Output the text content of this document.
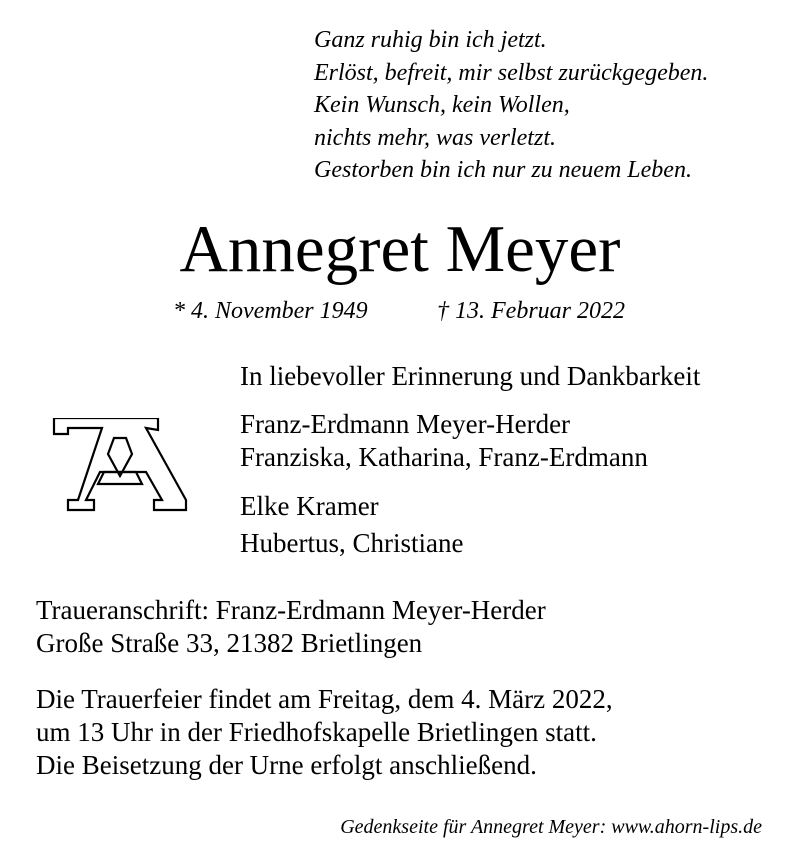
Ganz ruhig bin ich jetzt.
Erlöst, befreit, mir selbst zurückgegeben.
Kein Wunsch, kein Wollen,
nichts mehr, was verletzt.
Gestorben bin ich nur zu neuem Leben.
Annegret Meyer
* 4. November 1949	† 13. Februar 2022
In liebevoller Erinnerung und Dankbarkeit
Franz-Erdmann Meyer-Herder
Franziska, Katharina, Franz-Erdmann
Elke Kramer
Hubertus, Christiane
Traueranschrift: Franz-Erdmann Meyer-Herder
Große Straße 33, 21382 Brietlingen
Die Trauerfeier findet am Freitag, dem 4. März 2022,
um 13 Uhr in der Friedhofskapelle Brietlingen statt.
Die Beisetzung der Urne erfolgt anschließend.
Gedenkseite für Annegret Meyer: www.ahorn-lips.de
